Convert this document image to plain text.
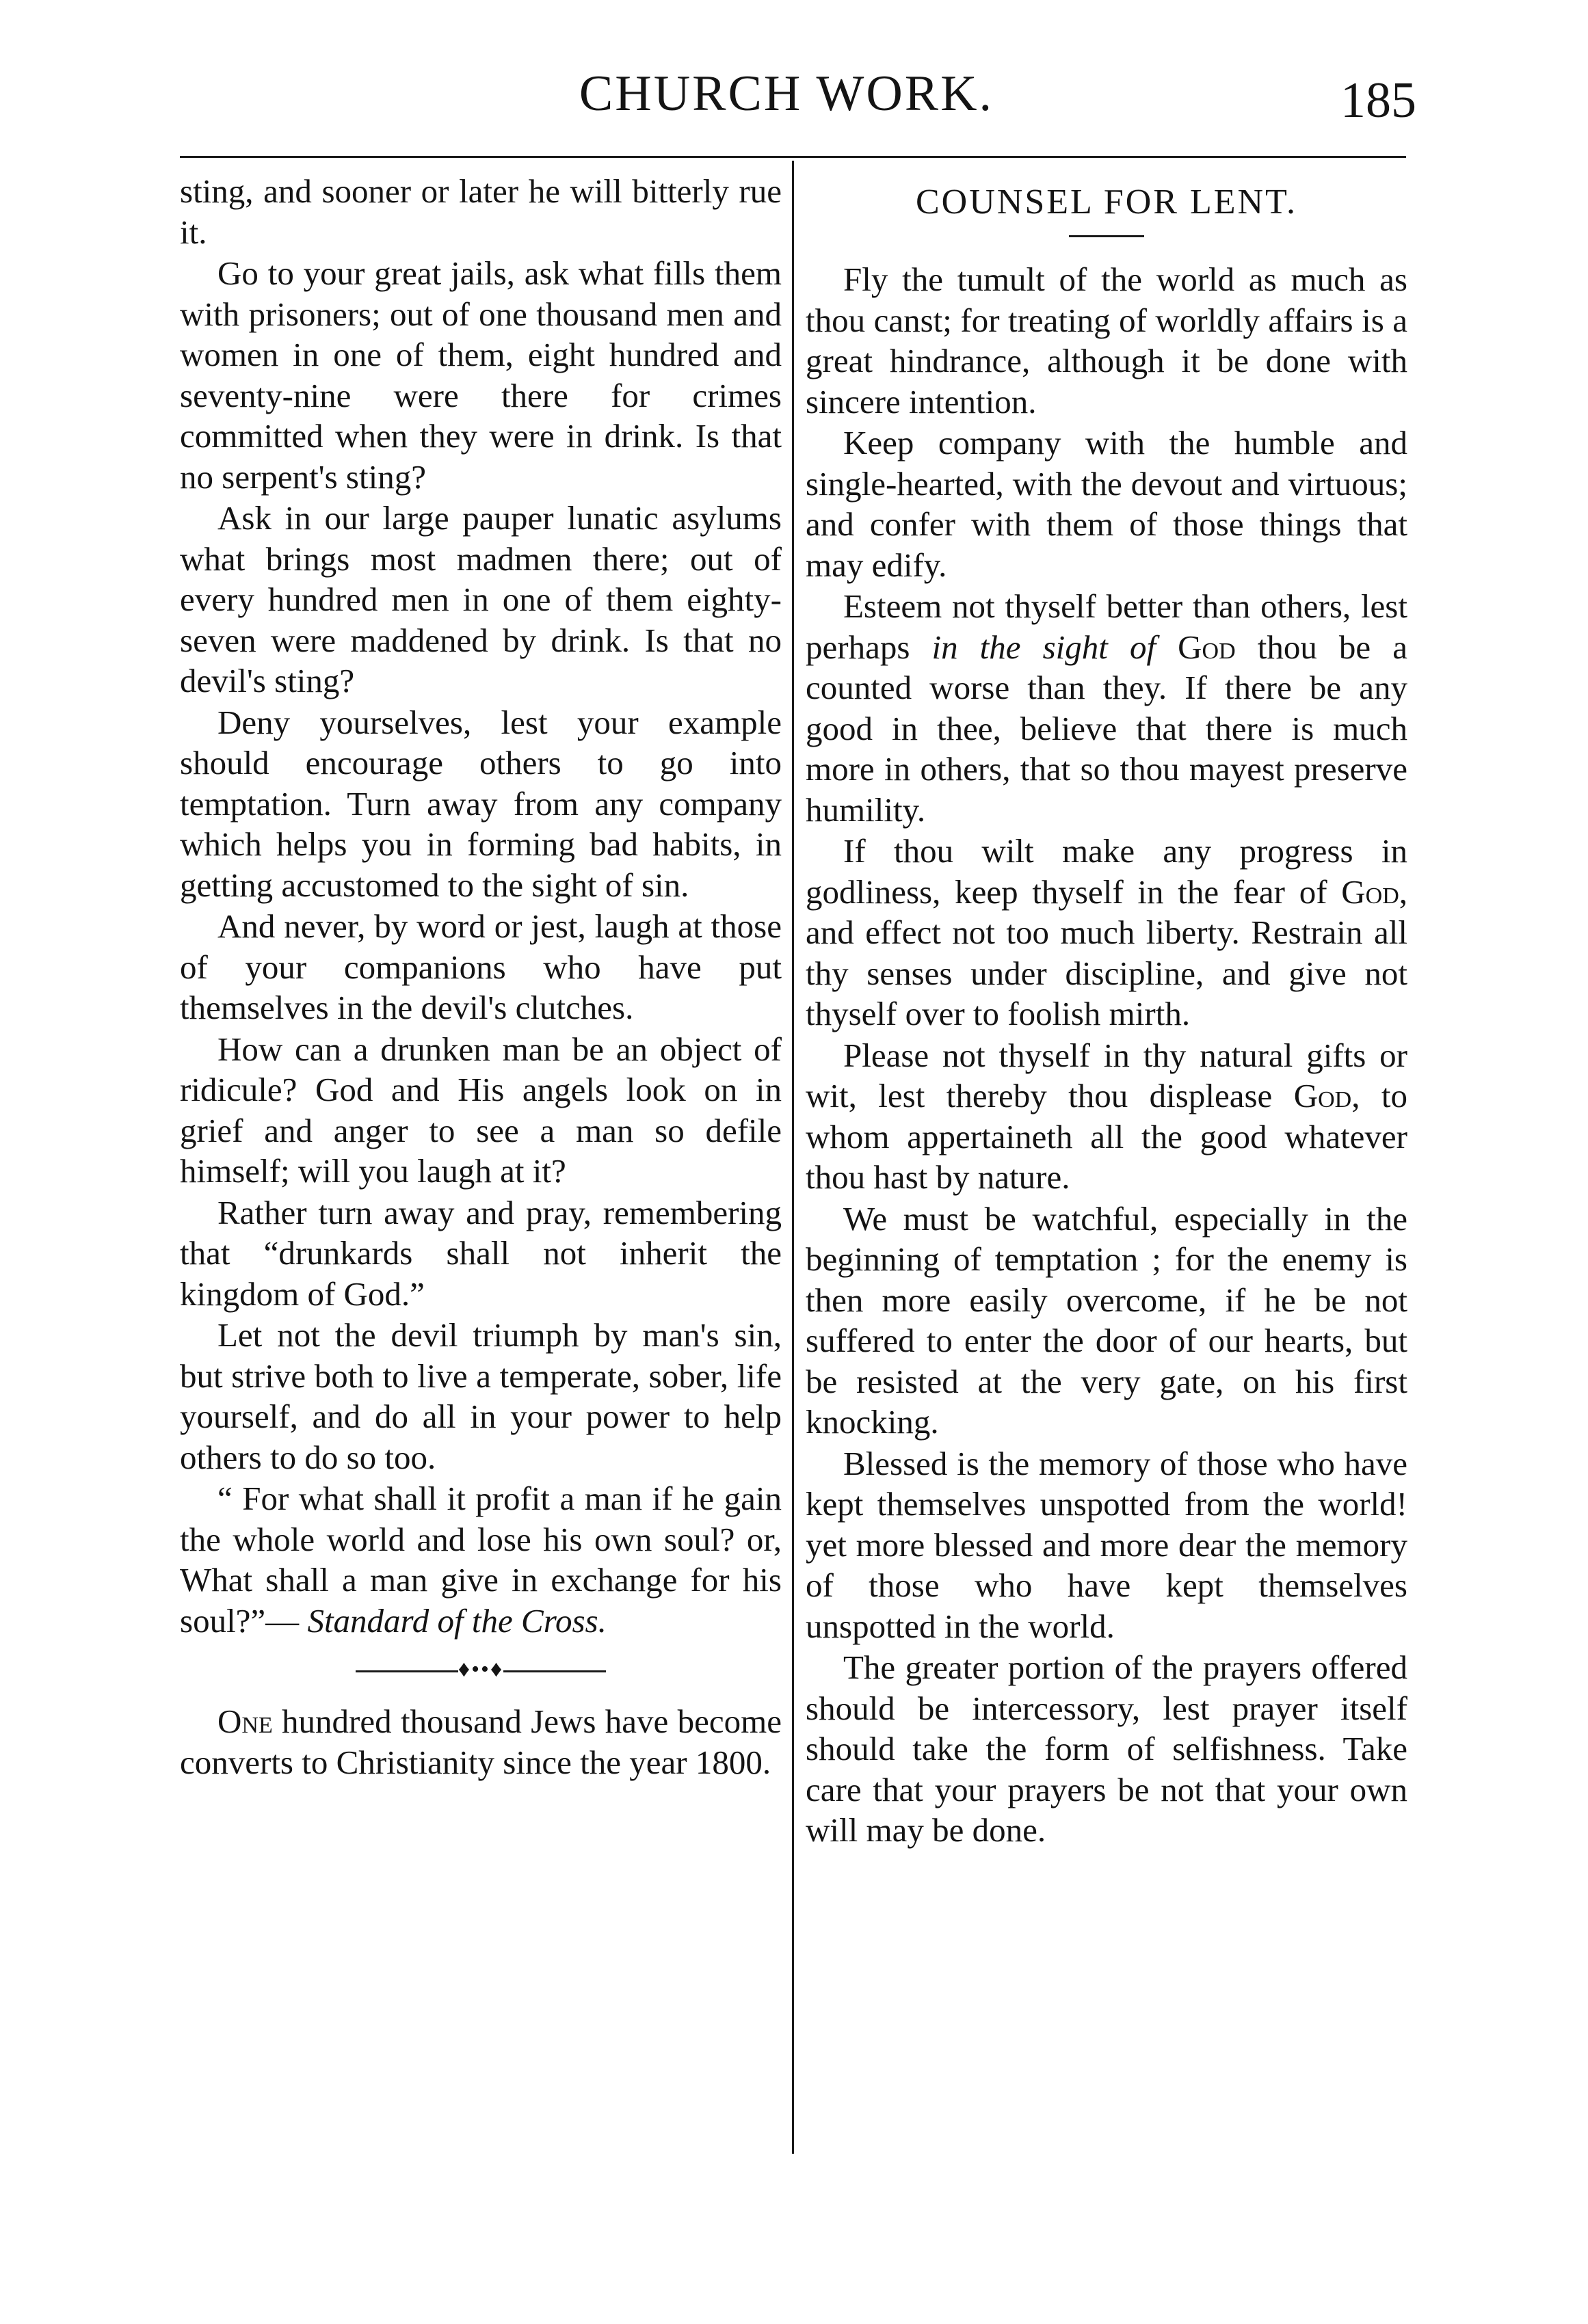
CHURCH WORK.	185

sting, and sooner or later he will bitterly rue it.

Go to your great jails, ask what fills them with prisoners; out of one thousand men and women in one of them, eight hundred and seventy-nine were there for crimes committed when they were in drink. Is that no serpent's sting?

Ask in our large pauper lunatic asylums what brings most madmen there; out of every hundred men in one of them eighty-seven were maddened by drink. Is that no devil's sting?

Deny yourselves, lest your example should encourage others to go into temptation. Turn away from any company which helps you in forming bad habits, in getting accustomed to the sight of sin.

And never, by word or jest, laugh at those of your companions who have put themselves in the devil's clutches.

How can a drunken man be an object of ridicule? God and His angels look on in grief and anger to see a man so defile himself; will you laugh at it?

Rather turn away and pray, remembering that “drunkards shall not inherit the kingdom of God.”

Let not the devil triumph by man's sin, but strive both to live a temperate, sober, life yourself, and do all in your power to help others to do so too.

“ For what shall it profit a man if he gain the whole world and lose his own soul? or, What shall a man give in exchange for his soul?”— Standard of the Cross.

♦••♦

One hundred thousand Jews have become converts to Christianity since the year 1800.

COUNSEL FOR LENT.

Fly the tumult of the world as much as thou canst; for treating of worldly affairs is a great hindrance, although it be done with sincere intention.

Keep company with the humble and single-hearted, with the devout and virtuous; and confer with them of those things that may edify.

Esteem not thyself better than others, lest perhaps in the sight of God thou be a counted worse than they. If there be any good in thee, believe that there is much more in others, that so thou mayest preserve humility.

If thou wilt make any progress in godliness, keep thyself in the fear of God, and effect not too much liberty. Restrain all thy senses under discipline, and give not thyself over to foolish mirth.

Please not thyself in thy natural gifts or wit, lest thereby thou displease God, to whom appertaineth all the good whatever thou hast by nature.

We must be watchful, especially in the beginning of temptation ; for the enemy is then more easily overcome, if he be not suffered to enter the door of our hearts, but be resisted at the very gate, on his first knocking.

Blessed is the memory of those who have kept themselves unspotted from the world! yet more blessed and more dear the memory of those who have kept themselves unspotted in the world.

The greater portion of the prayers offered should be intercessory, lest prayer itself should take the form of selfishness. Take care that your prayers be not that your own will may be done.
